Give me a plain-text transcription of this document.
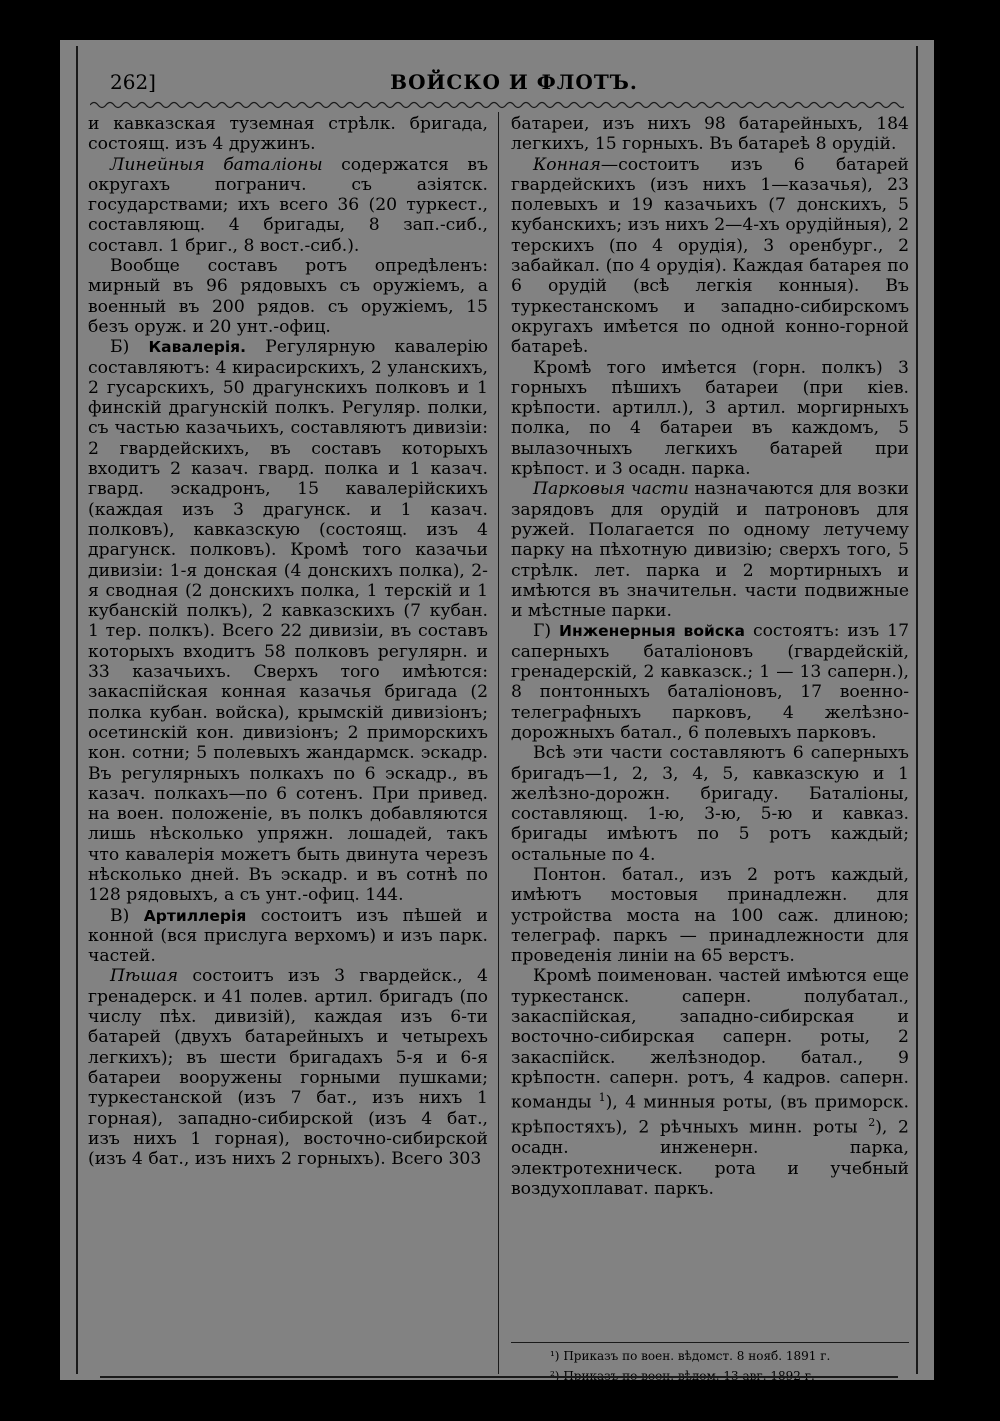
262]	ВОЙСКО И ФЛОТЪ.

и кавказская туземная стрѣлк. бригада, состоящ. изъ 4 дружинъ.

Линейныя баталіоны содержатся въ округахъ погранич. съ азіятск. государствами; ихъ всего 36 (20 туркест., составляющ. 4 бригады, 8 зап.-сиб., составл. 1 бриг., 8 вост.-сиб.).

Вообще составъ ротъ опредѣленъ: мирный въ 96 рядовыхъ съ оружіемъ, а военный въ 200 рядов. съ оружіемъ, 15 безъ оруж. и 20 унт.-офиц.

Б) Кавалерія. Регулярную кавалерію составляютъ: 4 кирасирскихъ, 2 уланскихъ, 2 гусарскихъ, 50 драгунскихъ полковъ и 1 финскій драгунскій полкъ. Регуляр. полки, съ частью казачьихъ, составляютъ дивизіи: 2 гвардейскихъ, въ составъ которыхъ входитъ 2 казач. гвард. полка и 1 казач. гвард. эскадронъ, 15 кавалерійскихъ (каждая изъ 3 драгунск. и 1 казач. полковъ), кавказскую (состоящ. изъ 4 драгунск. полковъ). Кромѣ того казачьи дивизіи: 1-я донская (4 донскихъ полка), 2-я сводная (2 донскихъ полка, 1 терскій и 1 кубанскій полкъ), 2 кавказскихъ (7 кубан. 1 тер. полкъ). Всего 22 дивизіи, въ составъ которыхъ входитъ 58 полковъ регулярн. и 33 казачьихъ. Сверхъ того имѣются: закаспійская конная казачья бригада (2 полка кубан. войска), крымскій дивизіонъ; осетинскій кон. дивизіонъ; 2 приморскихъ кон. сотни; 5 полевыхъ жандармск. эскадр. Въ регулярныхъ полкахъ по 6 эскадр., въ казач. полкахъ—по 6 сотенъ. При привед. на воен. положеніе, въ полкъ добавляются лишь нѣсколько упряжн. лошадей, такъ что кавалерія можетъ быть двинута черезъ нѣсколько дней. Въ эскадр. и въ сотнѣ по 128 рядовыхъ, а съ унт.-офиц. 144.

В) Артиллерія состоитъ изъ пѣшей и конной (вся прислуга верхомъ) и изъ парк. частей.

Пѣшая состоитъ изъ 3 гвардейск., 4 гренадерск. и 41 полев. артил. бригадъ (по числу пѣх. дивизій), каждая изъ 6-ти батарей (двухъ батарейныхъ и четырехъ легкихъ); въ шести бригадахъ 5-я и 6-я батареи вооружены горными пушками; туркестанской (изъ 7 бат., изъ нихъ 1 горная), западно-сибирской (изъ 4 бат., изъ нихъ 1 горная), восточно-сибирской (изъ 4 бат., изъ нихъ 2 горныхъ). Всего 303

батареи, изъ нихъ 98 батарейныхъ, 184 легкихъ, 15 горныхъ. Въ батареѣ 8 орудій.

Конная—состоитъ изъ 6 батарей гвардейскихъ (изъ нихъ 1—казачья), 23 полевыхъ и 19 казачьихъ (7 донскихъ, 5 кубанскихъ; изъ нихъ 2—4-хъ орудійныя), 2 терскихъ (по 4 орудія), 3 оренбург., 2 забайкал. (по 4 орудія). Каждая батарея по 6 орудій (всѣ легкія конныя). Въ туркестанскомъ и западно-сибирскомъ округахъ имѣется по одной конно-горной батареѣ.

Кромѣ того имѣется (горн. полкъ) 3 горныхъ пѣшихъ батареи (при кіев. крѣпости. артилл.), 3 артил. моргирныхъ полка, по 4 батареи въ каждомъ, 5 вылазочныхъ легкихъ батарей при крѣпост. и 3 осадн. парка.

Парковыя части назначаются для возки зарядовъ для орудій и патроновъ для ружей. Полагается по одному летучему парку на пѣхотную дивизію; сверхъ того, 5 стрѣлк. лет. парка и 2 мортирныхъ и имѣются въ значительн. части подвижные и мѣстные парки.

Г) Инженерныя войска состоятъ: изъ 17 саперныхъ баталіоновъ (гвардейскій, гренадерскій, 2 кавказск.; 1 — 13 саперн.), 8 понтонныхъ баталіоновъ, 17 военно-телеграфныхъ парковъ, 4 желѣзно-дорожныхъ батал., 6 полевыхъ парковъ.

Всѣ эти части составляютъ 6 саперныхъ бригадъ—1, 2, 3, 4, 5, кавказскую и 1 желѣзно-дорожн. бригаду. Баталіоны, составляющ. 1-ю, 3-ю, 5-ю и кавказ. бригады имѣютъ по 5 ротъ каждый; остальные по 4.

Понтон. батал., изъ 2 ротъ каждый, имѣютъ мостовыя принадлежн. для устройства моста на 100 саж. длиною; телеграф. паркъ — принадлежности для проведенія линіи на 65 верстъ.

Кромѣ поименован. частей имѣются еще туркестанск. саперн. полубатал., закаспійская, западно-сибирская и восточно-сибирская саперн. роты, 2 закаспійск. желѣзнодор. батал., 9 крѣпостн. саперн. ротъ, 4 кадров. саперн. команды $^1$), 4 минныя роты, (въ приморск. крѣпостяхъ), 2 рѣчныхъ минн. роты $^2$), 2 осадн. инженерн. парка, электротехническ. рота и учебный воздухоплават. паркъ.

¹) Приказъ по воен. вѣдомст. 8 нояб. 1891 г.
